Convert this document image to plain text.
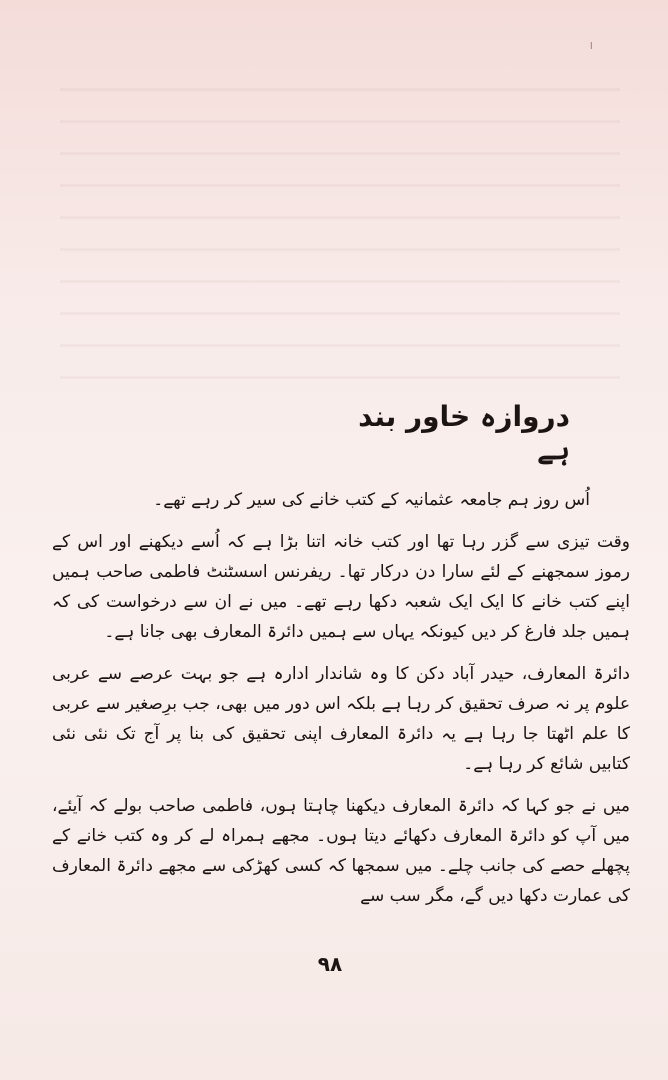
ا
دروازہ خاور بند ہے

اُس روز ہم جامعہ عثمانیہ کے کتب خانے کی سیر کر رہے تھے۔

وقت تیزی سے گزر رہا تھا اور کتب خانہ اتنا بڑا ہے کہ اُسے دیکھنے اور اس کے رموز سمجھنے کے لئے سارا دن درکار تھا۔ ریفرنس اسسٹنٹ فاطمی صاحب ہمیں اپنے کتب خانے کا ایک ایک شعبہ دکھا رہے تھے۔ میں نے ان سے درخواست کی کہ ہمیں جلد فارغ کر دیں کیونکہ یہاں سے ہمیں دائرۃ المعارف بھی جانا ہے۔

دائرۃ المعارف، حیدر آباد دکن کا وہ شاندار ادارہ ہے جو بہت عرصے سے عربی علوم پر نہ صرف تحقیق کر رہا ہے بلکہ اس دور میں بھی، جب برِصغیر سے عربی کا علم اٹھتا جا رہا ہے یہ دائرۃ المعارف اپنی تحقیق کی بنا پر آج تک نئی نئی کتابیں شائع کر رہا ہے۔

میں نے جو کہا کہ دائرۃ المعارف دیکھنا چاہتا ہوں، فاطمی صاحب بولے کہ آیئے، میں آپ کو دائرۃ المعارف دکھائے دیتا ہوں۔ مجھے ہمراہ لے کر وہ کتب خانے کے پچھلے حصے کی جانب چلے۔ میں سمجھا کہ کسی کھڑکی سے مجھے دائرۃ المعارف کی عمارت دکھا دیں گے، مگر سب سے

۹۸
